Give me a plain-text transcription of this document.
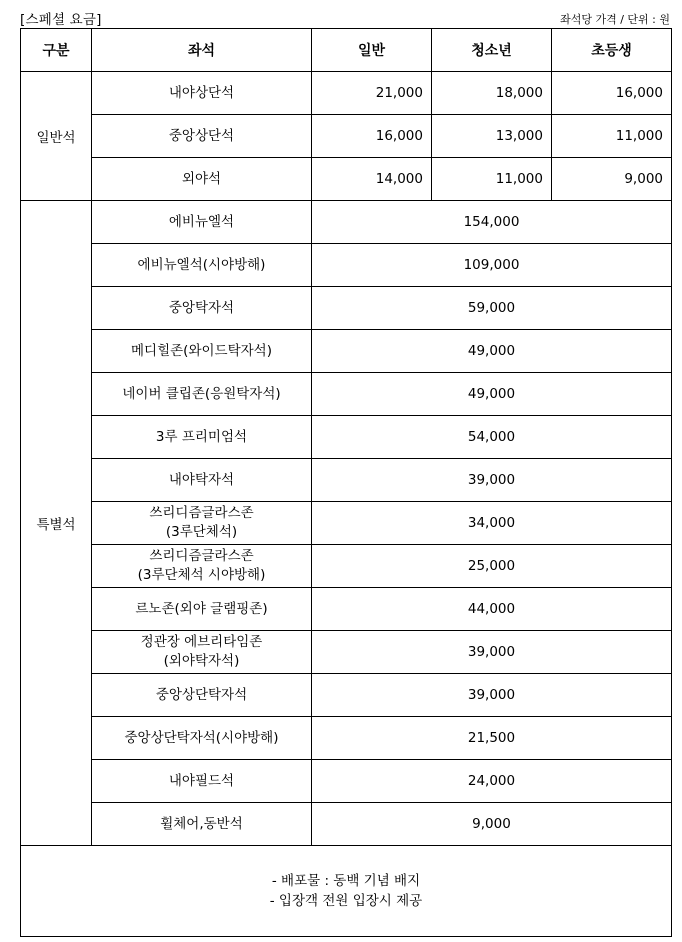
[스페셜 요금]	좌석당 가격 / 단위 : 원
구분	좌석	일반	청소년	초등생
일반석	내야상단석	21,000	18,000	16,000
	중앙상단석	16,000	13,000	11,000
	외야석	14,000	11,000	9,000
특별석	에비뉴엘석	154,000		

	에비뉴엘석(시야방해)	109,000		

	중앙탁자석	59,000		

	메디힐존(와이드탁자석)	49,000		

	네이버 클립존(응원탁자석)	49,000		

	3루 프리미엄석	54,000		

	내야탁자석	39,000		

	쓰리디즘글라스존
(3루단체석)	34,000		

	쓰리디즘글라스존
(3루단체석 시야방해)	25,000		

	르노존(외야 글램핑존)	44,000		

	정관장 에브리타임존
(외야탁자석)	39,000		

	중앙상단탁자석	39,000		

	중앙상단탁자석(시야방해)	21,500		

	내야필드석	24,000		

	휠체어,동반석	9,000		

- 배포물 : 동백 기념 배지
- 입장객 전원 입장시 제공				
